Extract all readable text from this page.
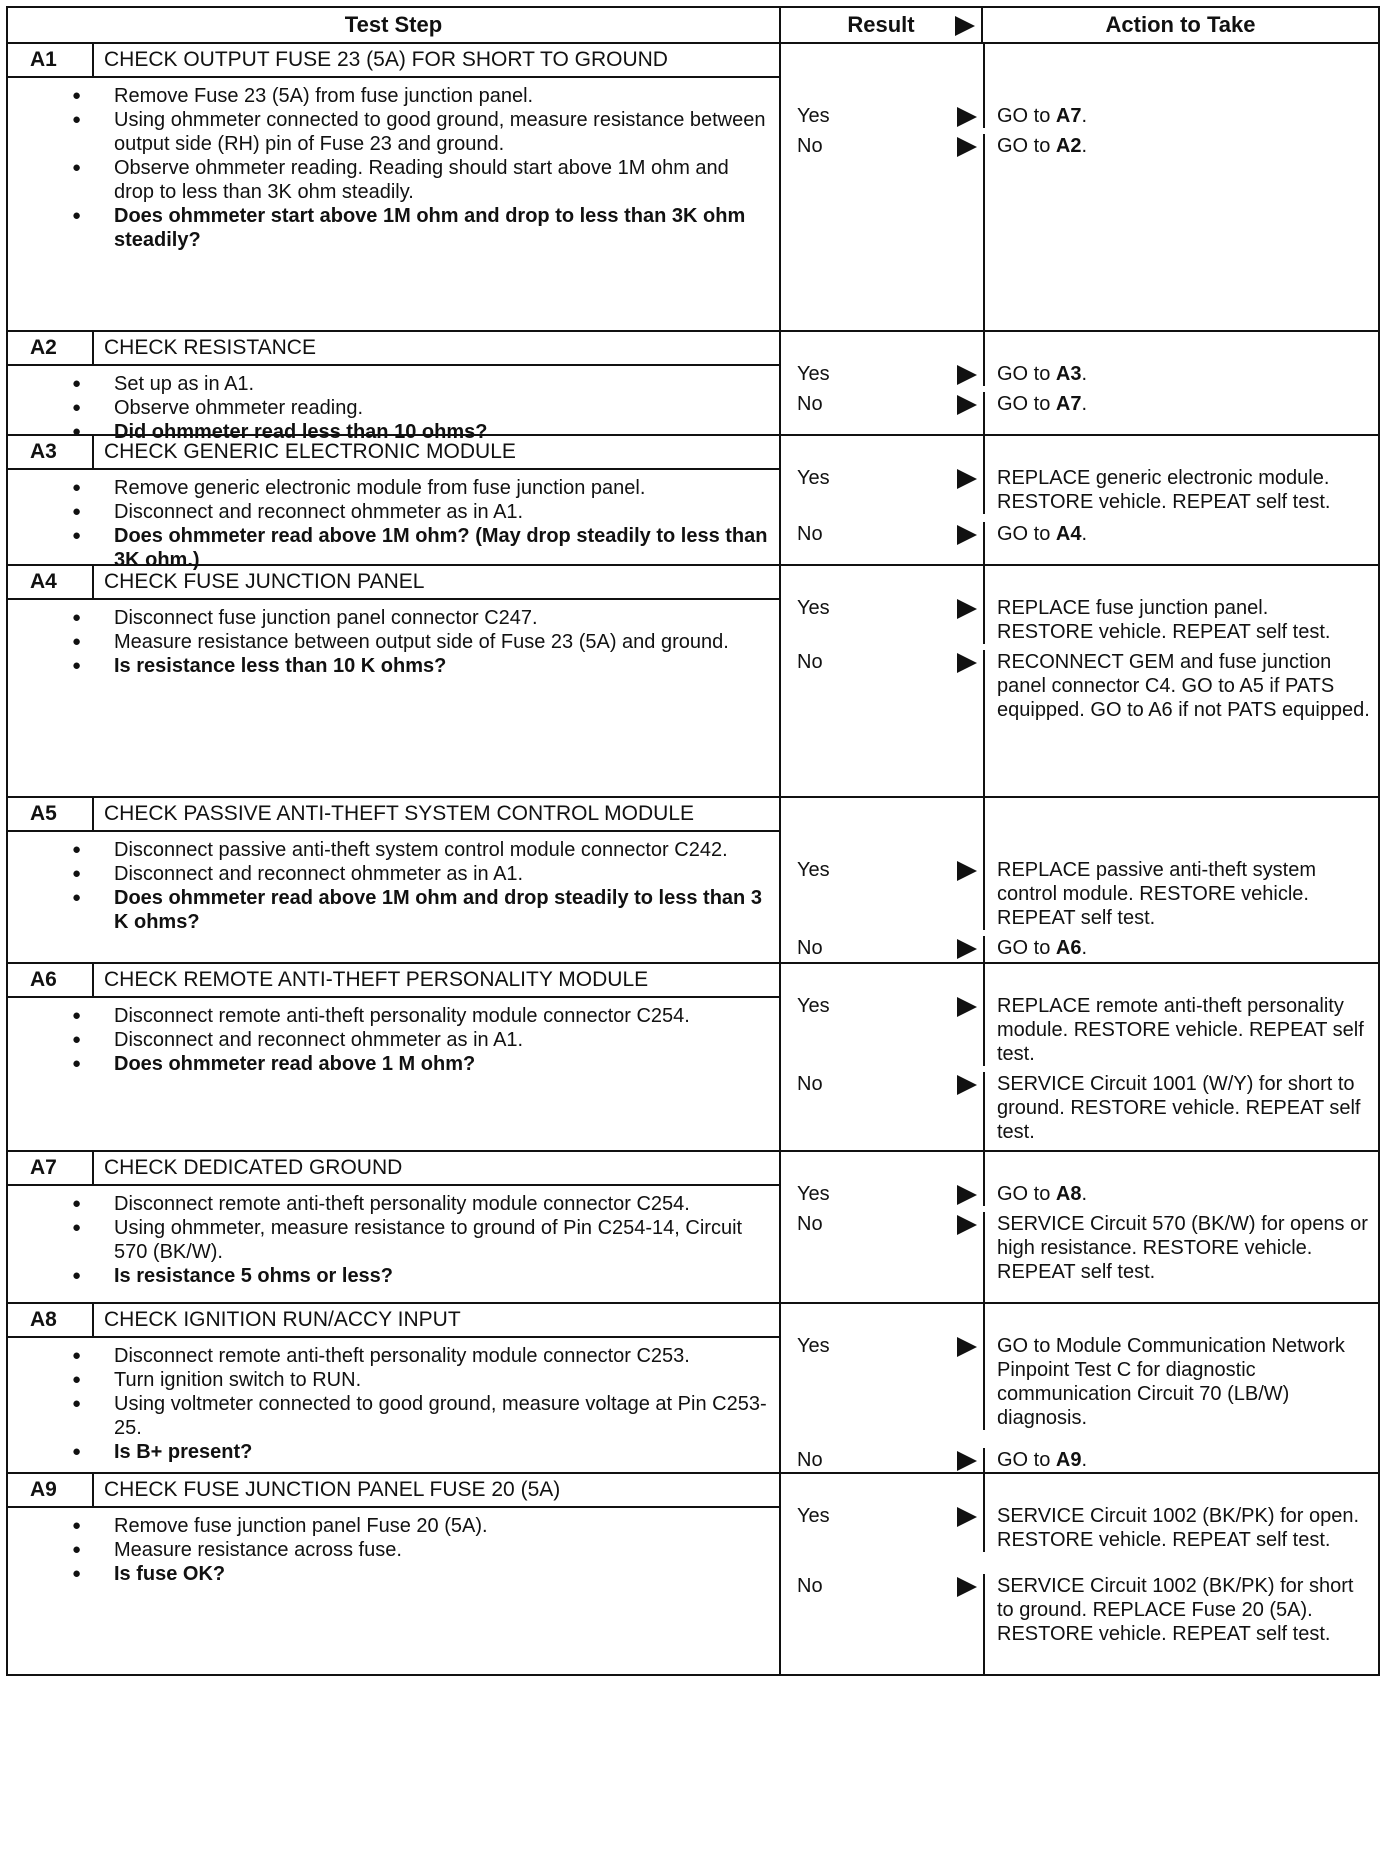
Test Step	Result	Action to Take
A1	CHECK OUTPUT FUSE 23 (5A) FOR SHORT TO GROUND
● Remove Fuse 23 (5A) from fuse junction panel.
● Using ohmmeter connected to good ground, measure resistance between output side (RH) pin of Fuse 23 and ground.
● Observe ohmmeter reading. Reading should start above 1M ohm and drop to less than 3K ohm steadily.
● Does ohmmeter start above 1M ohm and drop to less than 3K ohm steadily?
Yes	GO to A7.
No	GO to A2.
A2	CHECK RESISTANCE
● Set up as in A1.
● Observe ohmmeter reading.
● Did ohmmeter read less than 10 ohms?
Yes	GO to A3.
No	GO to A7.
A3	CHECK GENERIC ELECTRONIC MODULE
● Remove generic electronic module from fuse junction panel.
● Disconnect and reconnect ohmmeter as in A1.
● Does ohmmeter read above 1M ohm? (May drop steadily to less than 3K ohm.)
Yes	REPLACE generic electronic module. RESTORE vehicle. REPEAT self test.
No	GO to A4.
A4	CHECK FUSE JUNCTION PANEL
● Disconnect fuse junction panel connector C247.
● Measure resistance between output side of Fuse 23 (5A) and ground.
● Is resistance less than 10 K ohms?
Yes	REPLACE fuse junction panel. RESTORE vehicle. REPEAT self test.
No	RECONNECT GEM and fuse junction panel connector C4. GO to A5 if PATS equipped. GO to A6 if not PATS equipped.
A5	CHECK PASSIVE ANTI-THEFT SYSTEM CONTROL MODULE
● Disconnect passive anti-theft system control module connector C242.
● Disconnect and reconnect ohmmeter as in A1.
● Does ohmmeter read above 1M ohm and drop steadily to less than 3 K ohms?
Yes	REPLACE passive anti-theft system control module. RESTORE vehicle. REPEAT self test.
No	GO to A6.
A6	CHECK REMOTE ANTI-THEFT PERSONALITY MODULE
● Disconnect remote anti-theft personality module connector C254.
● Disconnect and reconnect ohmmeter as in A1.
● Does ohmmeter read above 1 M ohm?
Yes	REPLACE remote anti-theft personality module. RESTORE vehicle. REPEAT self test.
No	SERVICE Circuit 1001 (W/Y) for short to ground. RESTORE vehicle. REPEAT self test.
A7	CHECK DEDICATED GROUND
● Disconnect remote anti-theft personality module connector C254.
● Using ohmmeter, measure resistance to ground of Pin C254-14, Circuit 570 (BK/W).
● Is resistance 5 ohms or less?
Yes	GO to A8.
No	SERVICE Circuit 570 (BK/W) for opens or high resistance. RESTORE vehicle. REPEAT self test.
A8	CHECK IGNITION RUN/ACCY INPUT
● Disconnect remote anti-theft personality module connector C253.
● Turn ignition switch to RUN.
● Using voltmeter connected to good ground, measure voltage at Pin C253-25.
● Is B+ present?
Yes	GO to Module Communication Network Pinpoint Test C for diagnostic communication Circuit 70 (LB/W) diagnosis.
No	GO to A9.
A9	CHECK FUSE JUNCTION PANEL FUSE 20 (5A)
● Remove fuse junction panel Fuse 20 (5A).
● Measure resistance across fuse.
● Is fuse OK?
Yes	SERVICE Circuit 1002 (BK/PK) for open. RESTORE vehicle. REPEAT self test.
No	SERVICE Circuit 1002 (BK/PK) for short to ground. REPLACE Fuse 20 (5A). RESTORE vehicle. REPEAT self test.
